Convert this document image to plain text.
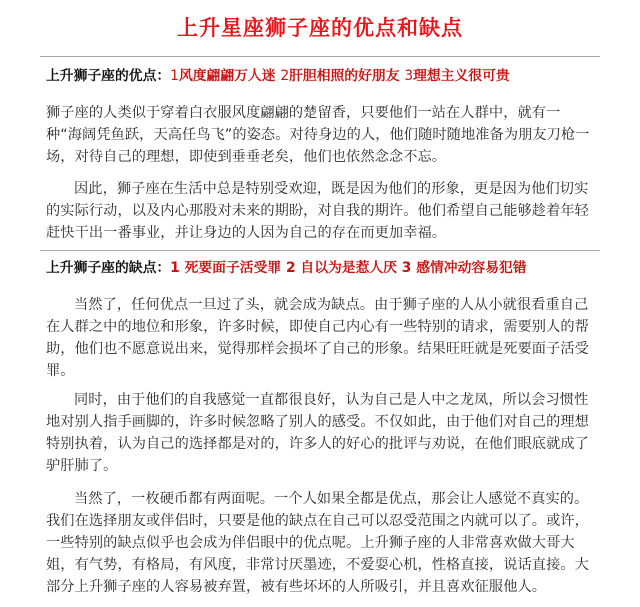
上升星座狮子座的优点和缺点
上升狮子座的优点：1风度翩翩万人迷 2肝胆相照的好朋友 3理想主义很可贵
狮子座的人类似于穿着白衣服风度翩翩的楚留香，只要他们一站在人群中，就有一种“海阔凭鱼跃，天高任鸟飞”的姿态。对待身边的人，他们随时随地准备为朋友刀枪一场，对待自己的理想，即使到垂垂老矣，他们也依然念念不忘。
因此，狮子座在生活中总是特别受欢迎，既是因为他们的形象，更是因为他们切实的实际行动，以及内心那股对未来的期盼，对自我的期许。他们希望自己能够趁着年轻赶快干出一番事业，并让身边的人因为自己的存在而更加幸福。
上升狮子座的缺点：1 死要面子活受罪 2 自以为是惹人厌 3 感情冲动容易犯错
当然了，任何优点一旦过了头，就会成为缺点。由于狮子座的人从小就很看重自己在人群之中的地位和形象，许多时候，即使自己内心有一些特别的请求，需要别人的帮助，他们也不愿意说出来，觉得那样会损坏了自己的形象。结果旺旺就是死要面子活受罪。
同时，由于他们的自我感觉一直都很良好，认为自己是人中之龙凤，所以会习惯性地对别人指手画脚的，许多时候忽略了别人的感受。不仅如此，由于他们对自己的理想特别执着，认为自己的选择都是对的，许多人的好心的批评与劝说，在他们眼底就成了驴肝肺了。
当然了，一枚硬币都有两面呢。一个人如果全都是优点，那会让人感觉不真实的。我们在选择朋友或伴侣时，只要是他的缺点在自己可以忍受范围之内就可以了。或许，一些特别的缺点似乎也会成为伴侣眼中的优点呢。上升狮子座的人非常喜欢做大哥大姐，有气势，有格局，有风度，非常讨厌墨迹，不爱耍心机，性格直接，说话直接。大部分上升狮子座的人容易被弃置，被有些坏坏的人所吸引，并且喜欢征服他人。
